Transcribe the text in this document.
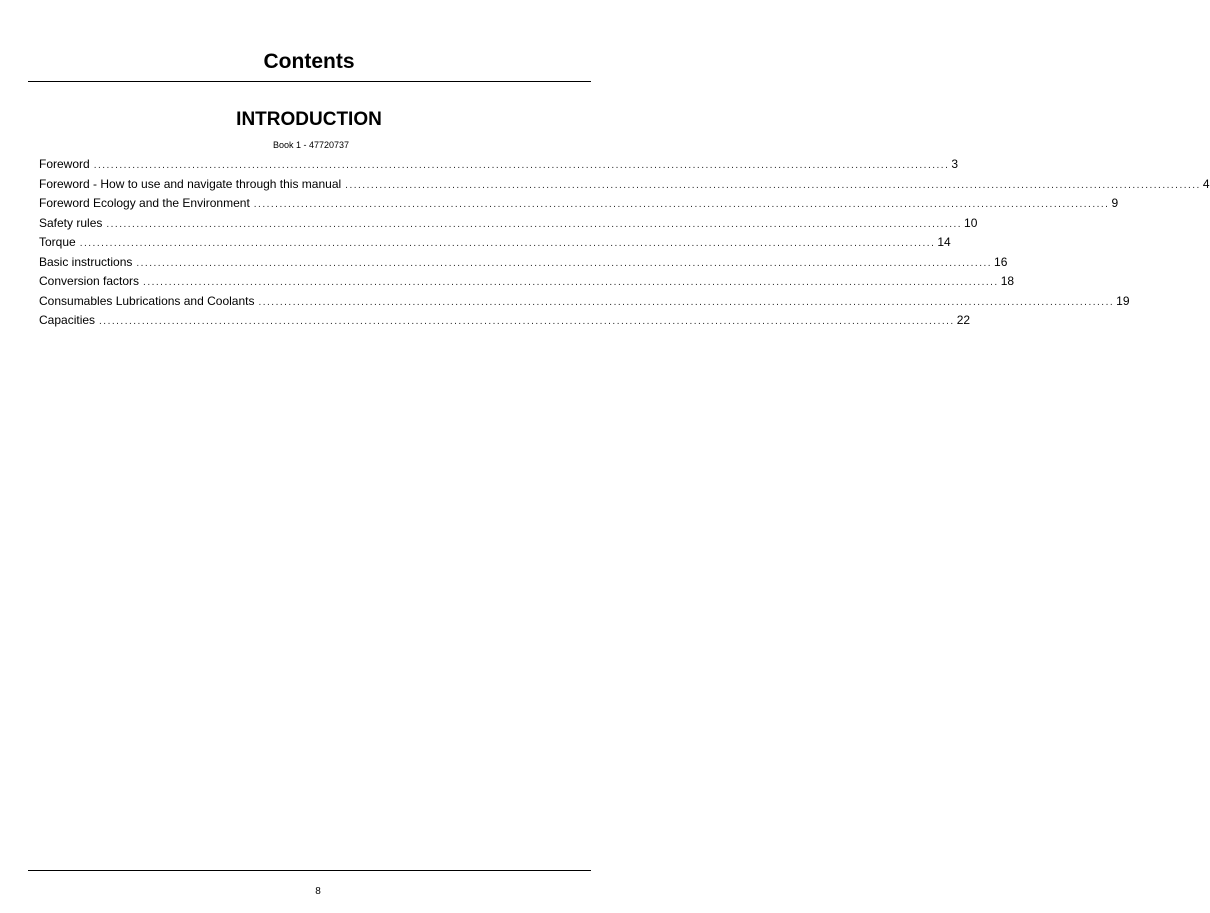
Contents
INTRODUCTION
Book 1 - 47720737
Foreword ........................................................................................................................................................................................................ 3
Foreword - How to use and navigate through this manual ........................................................................................................................................................................................................ 4
Foreword Ecology and the Environment ........................................................................................................................................................................................................ 9
Safety rules ........................................................................................................................................................................................................ 10
Torque ........................................................................................................................................................................................................ 14
Basic instructions ........................................................................................................................................................................................................ 16
Conversion factors ........................................................................................................................................................................................................ 18
Consumables Lubrications and Coolants ........................................................................................................................................................................................................ 19
Capacities ........................................................................................................................................................................................................ 22
8
